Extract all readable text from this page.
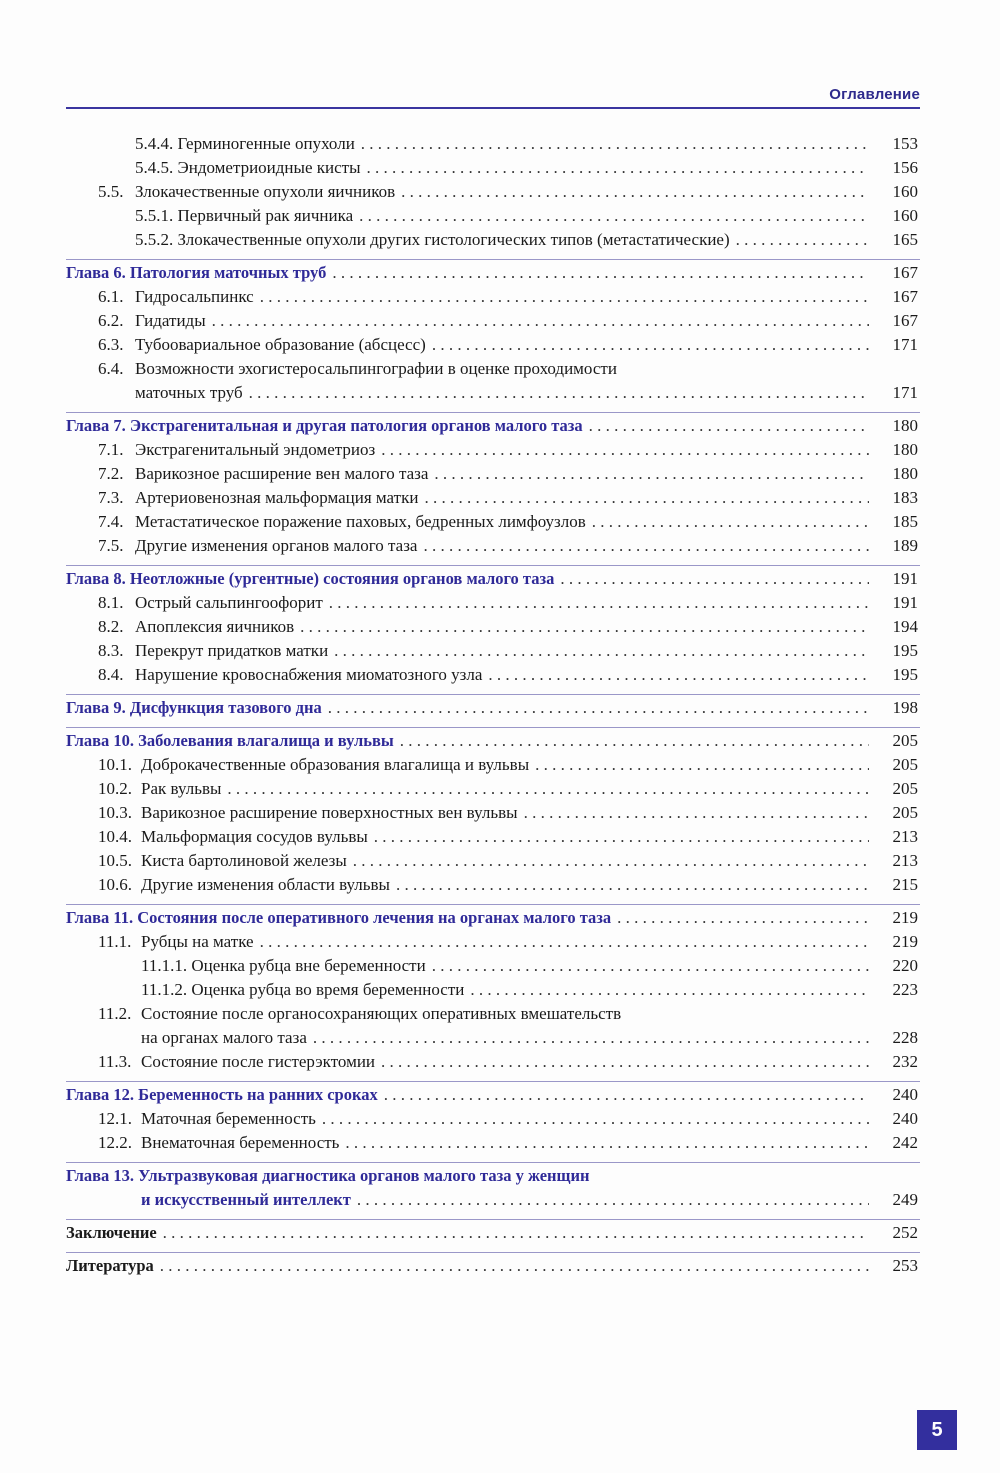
Оглавление
5.4.4. Герминогенные опухоли . . .	153
5.4.5. Эндометриоидные кисты . . .	156
5.5. Злокачественные опухоли яичников . . .	160
5.5.1. Первичный рак яичника . . .	160
5.5.2. Злокачественные опухоли других гистологических типов (метастатические) . . .	165
Глава 6. Патология маточных труб . . .	167
6.1. Гидросальпинкс . . .	167
6.2. Гидатиды . . .	167
6.3. Тубоовариальное образование (абсцесс) . . .	171
6.4. Возможности эхогистеросальпингографии в оценке проходимости
маточных труб . . .	171
Глава 7. Экстрагенитальная и другая патология органов малого таза . . .	180
7.1. Экстрагенитальный эндометриоз . . .	180
7.2. Варикозное расширение вен малого таза . . .	180
7.3. Артериовенозная мальформация матки . . .	183
7.4. Метастатическое поражение паховых, бедренных лимфоузлов . . .	185
7.5. Другие изменения органов малого таза . . .	189
Глава 8. Неотложные (ургентные) состояния органов малого таза . . .	191
8.1. Острый сальпингоофорит . . .	191
8.2. Апоплексия яичников . . .	194
8.3. Перекрут придатков матки . . .	195
8.4. Нарушение кровоснабжения миоматозного узла . . .	195
Глава 9. Дисфункция тазового дна . . .	198
Глава 10. Заболевания влагалища и вульвы . . .	205
10.1. Доброкачественные образования влагалища и вульвы . . .	205
10.2. Рак вульвы . . .	205
10.3. Варикозное расширение поверхностных вен вульвы . . .	205
10.4. Мальформация сосудов вульвы . . .	213
10.5. Киста бартолиновой железы . . .	213
10.6. Другие изменения области вульвы . . .	215
Глава 11. Состояния после оперативного лечения на органах малого таза . . .	219
11.1. Рубцы на матке . . .	219
11.1.1. Оценка рубца вне беременности . . .	220
11.1.2. Оценка рубца во время беременности . . .	223
11.2. Состояние после органосохраняющих оперативных вмешательств
на органах малого таза . . .	228
11.3. Состояние после гистерэктомии . . .	232
Глава 12. Беременность на ранних сроках . . .	240
12.1. Маточная беременность . . .	240
12.2. Внематочная беременность . . .	242
Глава 13. Ультразвуковая диагностика органов малого таза у женщин
и искусственный интеллект . . .	249
Заключение . . .	252
Литература . . .	253
5
